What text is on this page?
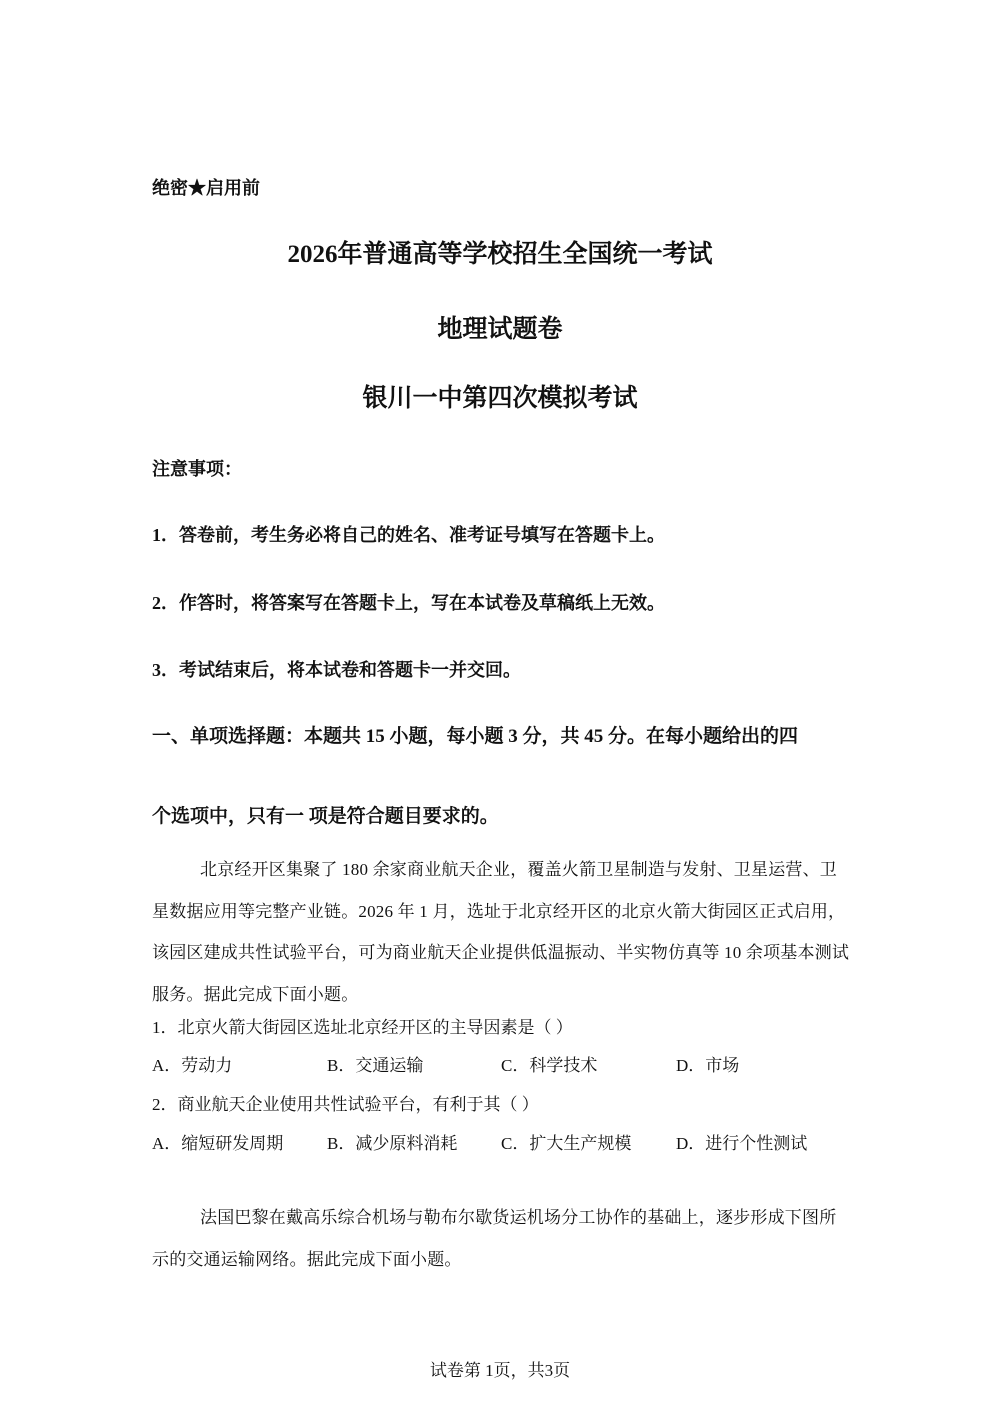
绝密★启用前
2026年普通高等学校招生全国统一考试
地理试题卷
银川一中第四次模拟考试
注意事项：
1．答卷前，考生务必将自己的姓名、准考证号填写在答题卡上。
2．作答时，将答案写在答题卡上，写在本试卷及草稿纸上无效。
3．考试结束后，将本试卷和答题卡一并交回。
一、单项选择题：本题共 15 小题，每小题 3 分，共 45 分。在每小题给出的四
个选项中，只有一 项是符合题目要求的。
北京经开区集聚了 180 余家商业航天企业，覆盖火箭卫星制造与发射、卫星运营、卫星数据应用等完整产业链。2026 年 1 月，选址于北京经开区的北京火箭大街园区正式启用，该园区建成共性试验平台，可为商业航天企业提供低温振动、半实物仿真等 10 余项基本测试服务。据此完成下面小题。
1．北京火箭大街园区选址北京经开区的主导因素是（ ）
A．劳动力	B．交通运输	C．科学技术	D．市场
2．商业航天企业使用共性试验平台，有利于其（ ）
A．缩短研发周期	B．减少原料消耗	C．扩大生产规模	D．进行个性测试
法国巴黎在戴高乐综合机场与勒布尔歇货运机场分工协作的基础上，逐步形成下图所示的交通运输网络。据此完成下面小题。
试卷第 1页，共3页
